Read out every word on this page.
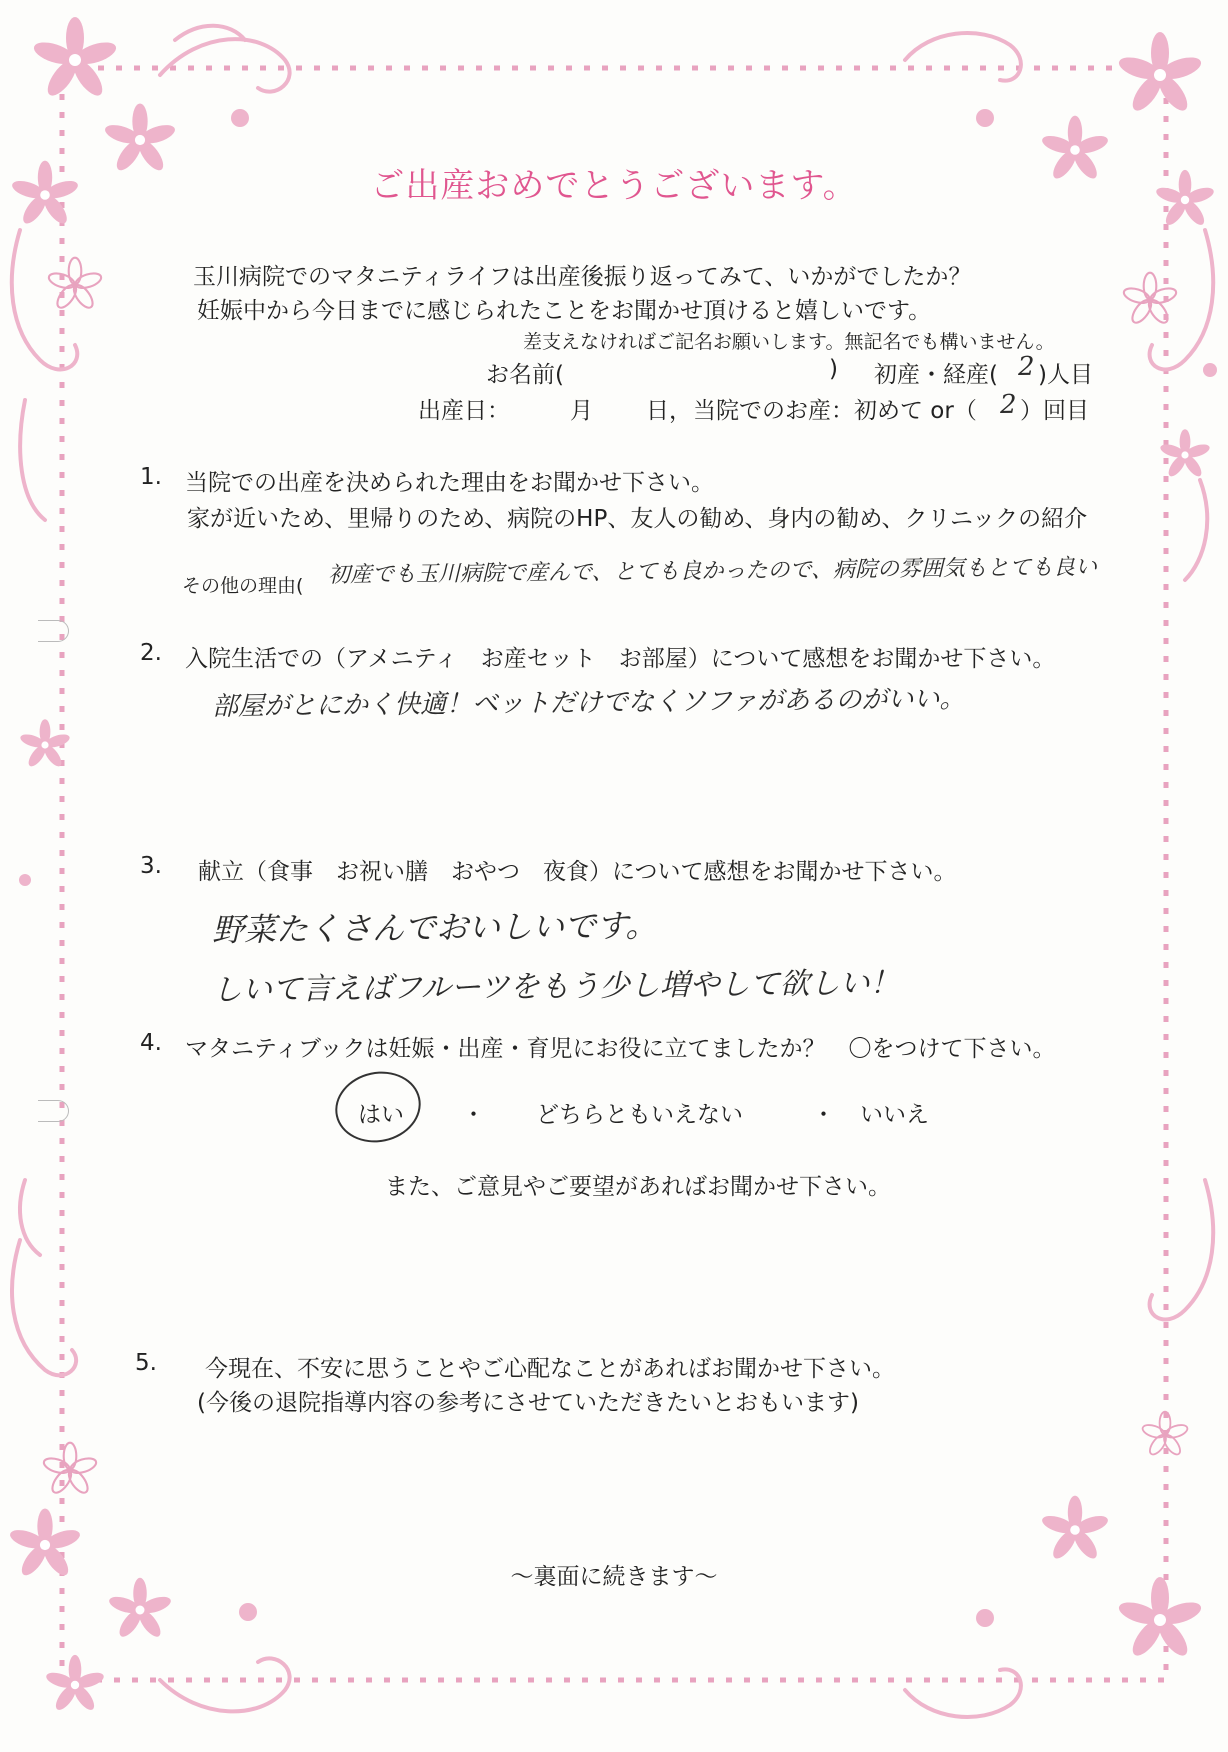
ご出産おめでとうございます。
玉川病院でのマタニティライフは出産後振り返ってみて、いかがでしたか？
妊娠中から今日までに感じられたことをお聞かせ頂けると嬉しいです。
差支えなければご記名お願いします。無記名でも構いません。
お名前(	) 初産・経産( 2 )人目
出産日：	月 日， 当院でのお産：初めて or（ 2 ）回目
1. 当院での出産を決められた理由をお聞かせ下さい。
家が近いため、里帰りのため、病院のHP、友人の勧め、身内の勧め、クリニックの紹介
その他の理由( 初産でも玉川病院で産んで、とても良かったので、病院の雰囲気もとても良い
2. 入院生活での（アメニティ　お産セット　お部屋）について感想をお聞かせ下さい。
部屋がとにかく快適！ベットだけでなくソファがあるのがいい。
3. 献立（食事　お祝い膳　おやつ　夜食）について感想をお聞かせ下さい。
野菜たくさんでおいしいです。
しいて言えばフルーツをもう少し増やして欲しい！
4. マタニティブックは妊娠・出産・育児にお役に立てましたか？　〇をつけて下さい。
はい	・ どちらともいえない	・ いいえ
また、ご意見やご要望があればお聞かせ下さい。
5. 今現在、不安に思うことやご心配なことがあればお聞かせ下さい。
(今後の退院指導内容の参考にさせていただきたいとおもいます)
〜裏面に続きます〜
